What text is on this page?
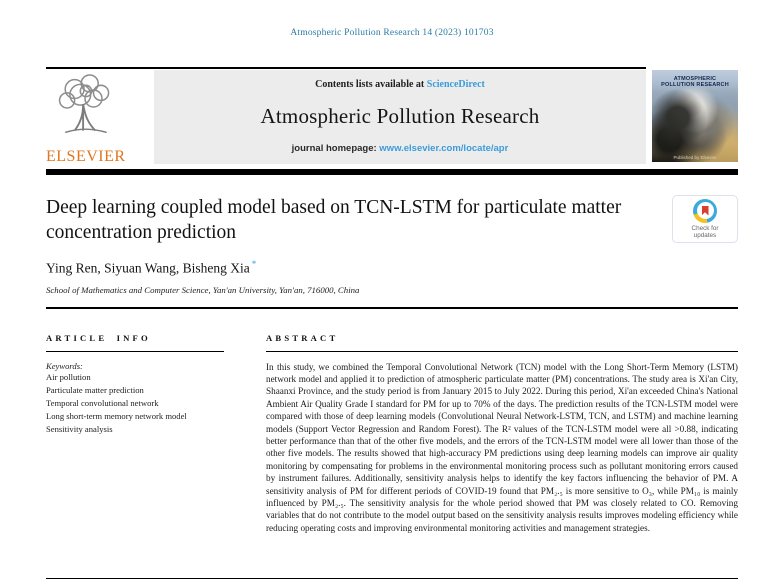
Atmospheric Pollution Research 14 (2023) 101703
ELSEVIER
Contents lists available at ScienceDirect
Atmospheric Pollution Research
journal homepage: www.elsevier.com/locate/apr
ATMOSPHERIC POLLUTION RESEARCH
Published by Elsevier
Deep learning coupled model based on TCN-LSTM for particulate matter concentration prediction	Check for
updates
Ying Ren, Siyuan Wang, Bisheng Xia *
School of Mathematics and Computer Science, Yan'an University, Yan'an, 716000, China
ARTICLE INFO
Keywords:
Air pollution
Particulate matter prediction
Temporal convolutional network
Long short-term memory network model
Sensitivity analysis
ABSTRACT
In this study, we combined the Temporal Convolutional Network (TCN) model with the Long Short-Term Memory (LSTM) network model and applied it to prediction of atmospheric particulate matter (PM) concentrations. The study area is Xi'an City, Shaanxi Province, and the study period is from January 2015 to July 2022. During this period, Xi'an exceeded China's National Ambient Air Quality Grade I standard for PM for up to 70% of the days. The prediction results of the TCN-LSTM model were compared with those of deep learning models (Convolutional Neural Network-LSTM, TCN, and LSTM) and machine learning models (Support Vector Regression and Random Forest). The R² values of the TCN-LSTM model were all >0.88, indicating better performance than that of the other five models, and the errors of the TCN-LSTM model were all lower than those of the other five models. The results showed that high-accuracy PM predictions using deep learning models can improve air quality monitoring by compensating for problems in the environmental monitoring process such as pollutant monitoring errors caused by instrument failures. Additionally, sensitivity analysis helps to identify the key factors influencing the behavior of PM. A sensitivity analysis of PM for different periods of COVID-19 found that PM₂.₅ is more sensitive to O₃, while PM₁₀ is mainly influenced by PM₂.₅. The sensitivity analysis for the whole period showed that PM was closely related to CO. Removing variables that do not contribute to the model output based on the sensitivity analysis results improves modeling efficiency while reducing operating costs and improving environmental monitoring activities and management strategies.
